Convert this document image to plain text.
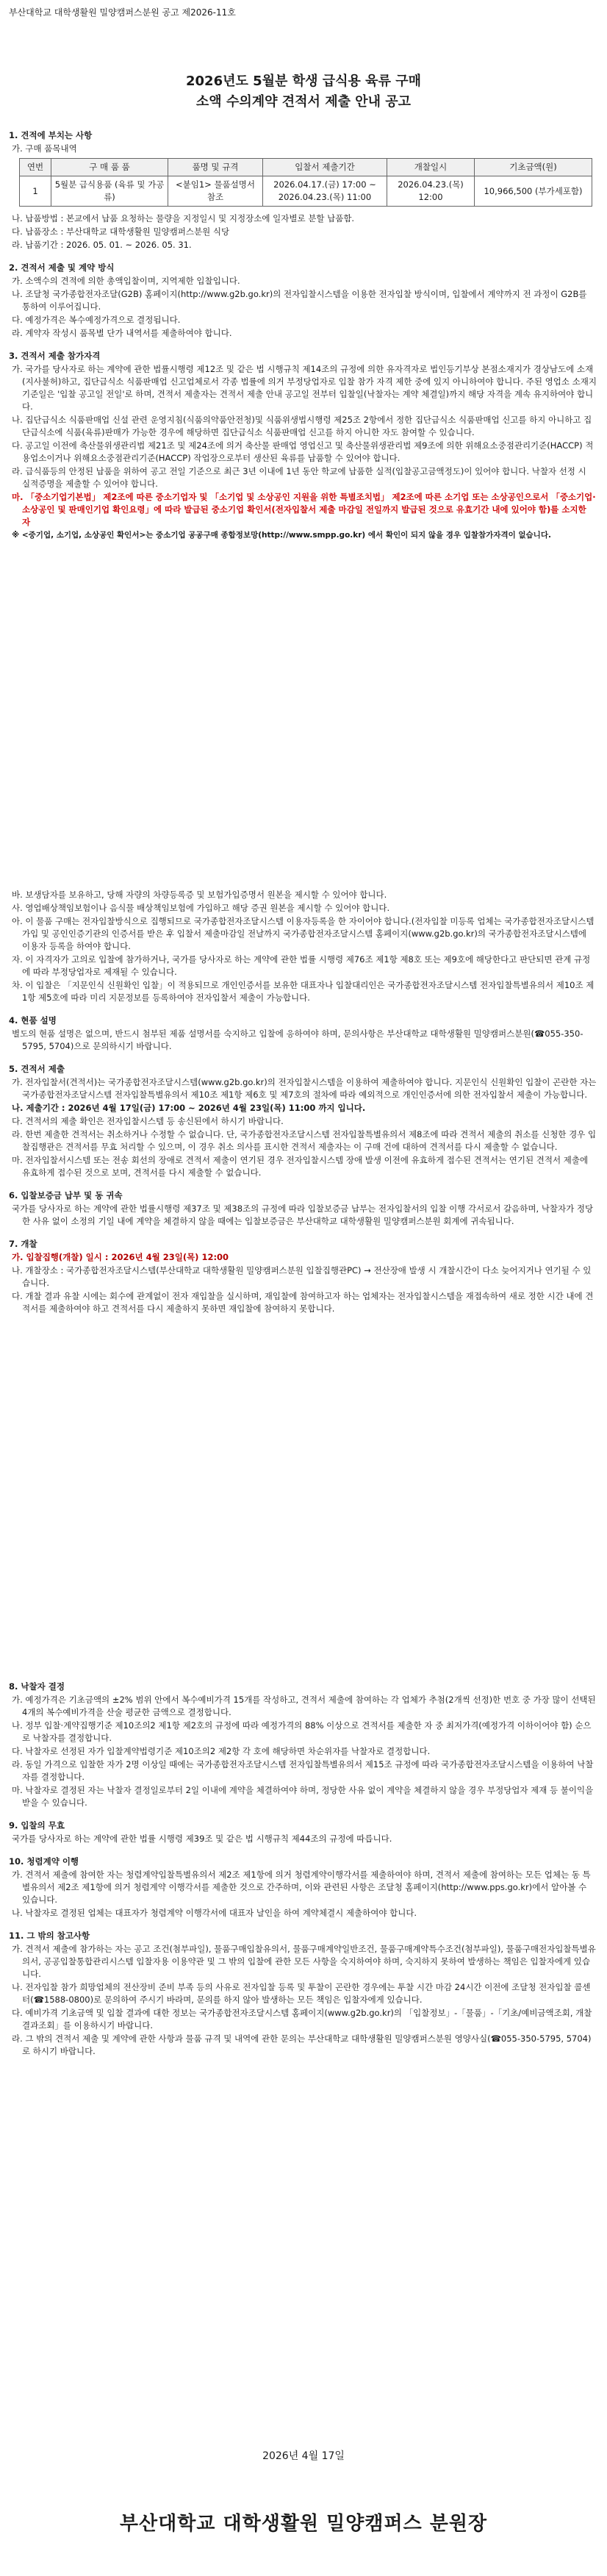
부산대학교 대학생활원 밀양캠퍼스분원 공고 제2026-11호
2026년도 5월분 학생 급식용 육류 구매
소액 수의계약 견적서 제출 안내 공고
1. 견적에 부치는 사항
가. 구매 품목내역
연번	구 매 품 품	품명 및 규격	입찰서 제출기간	개찰일시	기초금액(원)
1	5월분 급식용품 (육류 및 가공류)	<붙임1> 물품설명서 참조	2026.04.17.(금) 17:00 ~ 2026.04.23.(목) 11:00	2026.04.23.(목) 12:00	10,966,500 (부가세포함)
나. 납품방법 : 본교에서 납품 요청하는 물량을 지정일시 및 지정장소에 일자별로 분할 납품함.
다. 납품장소 : 부산대학교 대학생활원 밀양캠퍼스분원 식당
라. 납품기간 : 2026. 05. 01. ~ 2026. 05. 31.
2. 견적서 제출 및 계약 방식
가. 소액수의 견적에 의한 총액입찰이며, 지역제한 입찰입니다.
나. 조달청 국가종합전자조달(G2B) 홈페이지(http://www.g2b.go.kr)의 전자입찰시스템을 이용한 전자입찰 방식이며, 입찰에서 계약까지 전 과정이 G2B를 통하여 이루어집니다.
다. 예정가격은 복수예정가격으로 결정됩니다.
라. 계약자 작성시 품목별 단가 내역서를 제출하여야 합니다.
3. 견적서 제출 참가자격
가. 국가를 당사자로 하는 계약에 관한 법률시행령 제12조 및 같은 법 시행규칙 제14조의 규정에 의한 유자격자로 법인등기부상 본점소재지가 경상남도에 소재(지사불허)하고, 집단급식소 식품판매업 신고업체로서 각종 법률에 의거 부정당업자로 입찰 참가 자격 제한 중에 있지 아니하여야 합니다. 주된 영업소 소재지 기준일은 '입찰 공고일 전일'로 하며, 견적서 제출자는 견적서 제출 안내 공고일 전부터 입찰일(낙찰자는 계약 체결일)까지 해당 자격을 계속 유지하여야 합니다.
나. 집단급식소 식품판매업 신설 관련 운영지침(식품의약품안전청)및 식품위생법시행령 제25조 2항에서 정한 집단급식소 식품판매업 신고를 하지 아니하고 집단급식소에 식품(육류)판매가 가능한 경우에 해당하면 집단급식소 식품판매업 신고를 하지 아니한 자도 참여할 수 있습니다.
다. 공고일 이전에 축산물위생관리법 제21조 및 제24조에 의거 축산물 판매업 영업신고 및 축산물위생관리법 제9조에 의한 위해요소중점관리기준(HACCP) 적용업소이거나 위해요소중점관리기준(HACCP) 작업장으로부터 생산된 육류를 납품할 수 있어야 합니다.
라. 급식품등의 안정된 납품을 위하여 공고 전일 기준으로 최근 3년 이내에 1년 동안 학교에 납품한 실적(입찰공고금액정도)이 있어야 합니다. 낙찰자 선정 시 실적증명을 제출할 수 있어야 합니다.
마. 「중소기업기본법」 제2조에 따른 중소기업자 및 「소기업 및 소상공인 지원을 위한 특별조치법」 제2조에 따른 소기업 또는 소상공인으로서 「중소기업·소상공인 및 판매인기업 확인요령」에 따라 발급된 중소기업 확인서(전자입찰서 제출 마감일 전일까지 발급된 것으로 유효기간 내에 있어야 함)를 소지한 자
※ <중기업, 소기업, 소상공인 확인서>는 중소기업 공공구매 종합정보망(http://www.smpp.go.kr) 에서 확인이 되지 않을 경우 입찰참가자격이 없습니다.
바. 보생담자를 보유하고, 당해 자량의 차량등록증 및 보험가입증명서 원본을 제시할 수 있어야 합니다.
사. 영업배상책임보험이나 음식물 배상책임보험에 가입하고 해당 증권 원본을 제시할 수 있어야 합니다.
아. 이 물품 구매는 전자입찰방식으로 집행되므로 국가종합전자조달시스템 이용자등록을 한 자이어야 합니다.(전자입찰 미등록 업체는 국가종합전자조달시스템 가입 및 공인인증기관의 인증서를 받은 후 입찰서 제출마감일 전날까지 국가종합전자조달시스템 홈페이지(www.g2b.go.kr)의 국가종합전자조달시스템에 이용자 등록을 하여야 합니다.
자. 이 자격자가 고의로 입찰에 참가하거나, 국가를 당사자로 하는 계약에 관한 법률 시행령 제76조 제1항 제8호 또는 제9호에 해당한다고 판단되면 관계 규정에 따라 부정당업자로 제재될 수 있습니다.
차. 이 입찰은 「지문인식 신원확인 입찰」이 적용되므로 개인인증서를 보유한 대표자나 입찰대리인은 국가종합전자조달시스템 전자입찰특별유의서 제10조 제1항 제5호에 따라 미리 지문정보를 등록하여야 전자입찰서 제출이 가능합니다.
4. 현품 설명
별도의 현품 설명은 없으며, 반드시 첨부된 제품 설명서를 숙지하고 입찰에 응하여야 하며, 문의사항은 부산대학교 대학생활원 밀양캠퍼스분원(☎055-350-5795, 5704)으로 문의하시기 바랍니다.
5. 견적서 제출
가. 전자입찰서(견적서)는 국가종합전자조달시스템(www.g2b.go.kr)의 전자입찰시스템을 이용하여 제출하여야 합니다. 지문인식 신원확인 입찰이 곤란한 자는 국가종합전자조달시스템 전자입찰특별유의서 제10조 제1항 제6호 및 제7호의 절차에 따라 예외적으로 개인인증서에 의한 전자입찰서 제출이 가능합니다.
나. 제출기간 : 2026년 4월 17일(금) 17:00 ~ 2026년 4월 23일(목) 11:00 까지 입니다.
다. 견적서의 제출 확인은 전자입찰시스템 등 송신된에서 하시기 바랍니다.
라. 한번 제출한 견적서는 취소하거나 수정할 수 없습니다. 단, 국가종합전자조달시스템 전자입찰특별유의서 제8조에 따라 견적서 제출의 취소를 신청한 경우 입찰집행관은 견적서를 무효 처리할 수 있으며, 이 경우 취소 의사를 표시한 견적서 제출자는 이 구매 건에 대하여 견적서를 다시 제출할 수 없습니다.
마. 전자입찰서시스템 또는 전송 회선의 장애로 견적서 제출이 연기된 경우 전자입찰시스템 장애 발생 이전에 유효하게 접수된 견적서는 연기된 견적서 제출에 유효하게 접수된 것으로 보며, 견적서를 다시 제출할 수 없습니다.
6. 입찰보증금 납부 및 동 귀속
국가를 당사자로 하는 계약에 관한 법률시행령 제37조 및 제38조의 규정에 따라 입찰보증금 납부는 전자입찰서의 입찰 이행 각서로서 갈음하며, 낙찰자가 정당한 사유 없이 소정의 기일 내에 계약을 체결하지 않을 때에는 입찰보증금은 부산대학교 대학생활원 밀양캠퍼스분원 회계에 귀속됩니다.
7. 개찰
가. 입찰집행(개찰) 일시 : 2026년 4월 23일(목) 12:00
나. 개찰장소 : 국가종합전자조달시스템(부산대학교 대학생활원 밀양캠퍼스분원 입찰집행관PC) → 전산장애 발생 시 개찰시간이 다소 늦어지거나 연기될 수 있습니다.
다. 개찰 결과 유찰 시에는 회수에 관계없이 전자 재입찰을 실시하며, 재입찰에 참여하고자 하는 업체자는 전자입찰시스템을 재접속하여 새로 정한 시간 내에 견적서를 제출하여야 하고 견적서를 다시 제출하지 못하면 재입찰에 참여하지 못합니다.
8. 낙찰자 결정
가. 예정가격은 기초금액의 ±2% 범위 안에서 복수예비가격 15개를 작성하고, 견적서 제출에 참여하는 각 업체가 추첨(2개씩 선정)한 번호 중 가장 많이 선택된 4개의 복수예비가격을 산술 평균한 금액으로 결정합니다.
나. 정부 입찰·계약집행기준 제10조의2 제1항 제2호의 규정에 따라 예정가격의 88% 이상으로 견적서를 제출한 자 중 최저가격(예정가격 이하이어야 함) 순으로 낙찰자를 결정합니다.
다. 낙찰자로 선정된 자가 입찰계약법령기준 제10조의2 제2항 각 호에 해당하면 차순위자를 낙찰자로 결정합니다.
라. 동일 가격으로 입찰한 자가 2명 이상일 때에는 국가종합전자조달시스템 전자입찰특별유의서 제15조 규정에 따라 국가종합전자조달시스템을 이용하여 낙찰자를 결정합니다.
마. 낙찰자로 결정된 자는 낙찰자 결정일로부터 2일 이내에 계약을 체결하여야 하며, 정당한 사유 없이 계약을 체결하지 않을 경우 부정당업자 제재 등 불이익을 받을 수 있습니다.
9. 입찰의 무효
국가를 당사자로 하는 계약에 관한 법률 시행령 제39조 및 같은 법 시행규칙 제44조의 규정에 따릅니다.
10. 청렴계약 이행
가. 견적서 제출에 참여한 자는 청렴계약입찰특별유의서 제2조 제1항에 의거 청렴계약이행각서를 제출하여야 하며, 견적서 제출에 참여하는 모든 업체는 동 특별유의서 제2조 제1항에 의거 청렴계약 이행각서를 제출한 것으로 간주하며, 이와 관련된 사항은 조달청 홈페이지(http://www.pps.go.kr)에서 알아볼 수 있습니다.
나. 낙찰자로 결정된 업체는 대표자가 청렴계약 이행각서에 대표자 날인을 하여 계약체결시 제출하여야 합니다.
11. 그 밖의 참고사항
가. 견적서 제출에 참가하는 자는 공고 조건(첨부파일), 물품구매입찰유의서, 물품구매계약일반조건, 물품구매계약특수조건(첨부파일), 물품구매전자입찰특별유의서, 공공입찰통합관리시스템 입찰자용 이용약관 및 그 밖의 입찰에 관한 모든 사항을 숙지하여야 하며, 숙지하지 못하여 발생하는 책임은 입찰자에게 있습니다.
나. 전자입찰 참가 희망업체의 전산장비 준비 부족 등의 사유로 전자입찰 등록 및 투찰이 곤란한 경우에는 투찰 시간 마감 24시간 이전에 조달청 전자입찰 콜센터(☎1588-0800)로 문의하여 주시기 바라며, 문의를 하지 않아 발생하는 모든 책임은 입찰자에게 있습니다.
다. 예비가격 기초금액 및 입찰 결과에 대한 정보는 국가종합전자조달시스템 홈페이지(www.g2b.go.kr)의 「입찰정보」-「물품」-「기초/예비금액조회, 개찰결과조회」를 이용하시기 바랍니다.
라. 그 밖의 견적서 제출 및 계약에 관한 사항과 물품 규격 및 내역에 관한 문의는 부산대학교 대학생활원 밀양캠퍼스분원 영양사실(☎055-350-5795, 5704)로 하시기 바랍니다.
2026년 4월 17일
부산대학교 대학생활원 밀양캠퍼스 분원장
